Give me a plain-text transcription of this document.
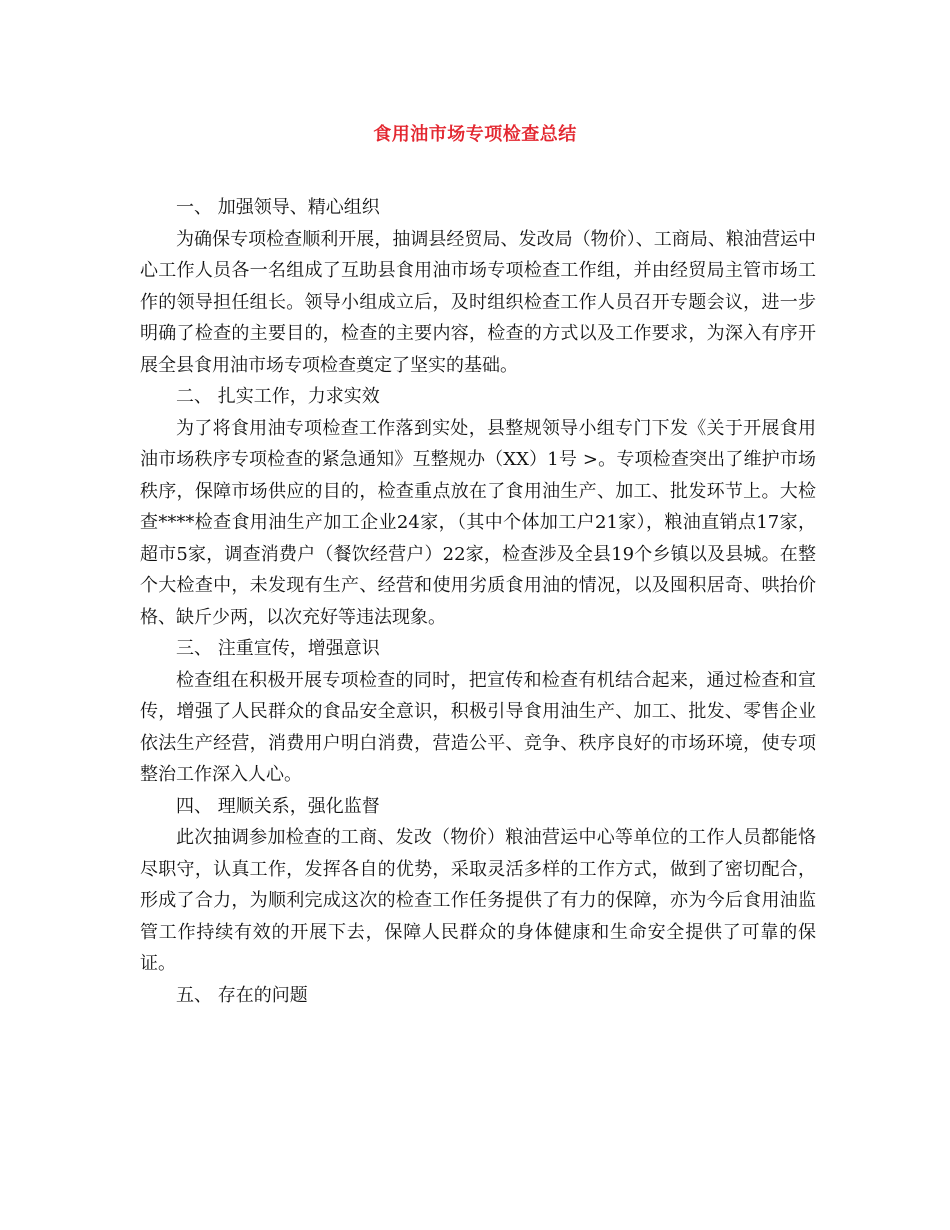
食用油市场专项检查总结

一、 加强领导、精心组织

为确保专项检查顺利开展，抽调县经贸局、发改局（物价）、工商局、粮油营运中心工作人员各一名组成了互助县食用油市场专项检查工作组，并由经贸局主管市场工作的领导担任组长。领导小组成立后，及时组织检查工作人员召开专题会议，进一步明确了检查的主要目的，检查的主要内容，检查的方式以及工作要求，为深入有序开展全县食用油市场专项检查奠定了坚实的基础。

二、 扎实工作，力求实效

为了将食用油专项检查工作落到实处，县整规领导小组专门下发《关于开展食用油市场秩序专项检查的紧急通知》互整规办（XX）1号 >。专项检查突出了维护市场秩序，保障市场供应的目的，检查重点放在了食用油生产、加工、批发环节上。大检查****检查食用油生产加工企业24家，（其中个体加工户21家），粮油直销点17家，超市5家，调查消费户（餐饮经营户）22家，检查涉及全县19个乡镇以及县城。在整个大检查中，未发现有生产、经营和使用劣质食用油的情况，以及囤积居奇、哄抬价格、缺斤少两，以次充好等违法现象。

三、 注重宣传，增强意识

检查组在积极开展专项检查的同时，把宣传和检查有机结合起来，通过检查和宣传，增强了人民群众的食品安全意识，积极引导食用油生产、加工、批发、零售企业依法生产经营，消费用户明白消费，营造公平、竞争、秩序良好的市场环境，使专项整治工作深入人心。

四、 理顺关系，强化监督

此次抽调参加检查的工商、发改（物价）粮油营运中心等单位的工作人员都能恪尽职守，认真工作，发挥各自的优势，采取灵活多样的工作方式，做到了密切配合，形成了合力，为顺利完成这次的检查工作任务提供了有力的保障，亦为今后食用油监管工作持续有效的开展下去，保障人民群众的身体健康和生命安全提供了可靠的保证。

五、 存在的问题
